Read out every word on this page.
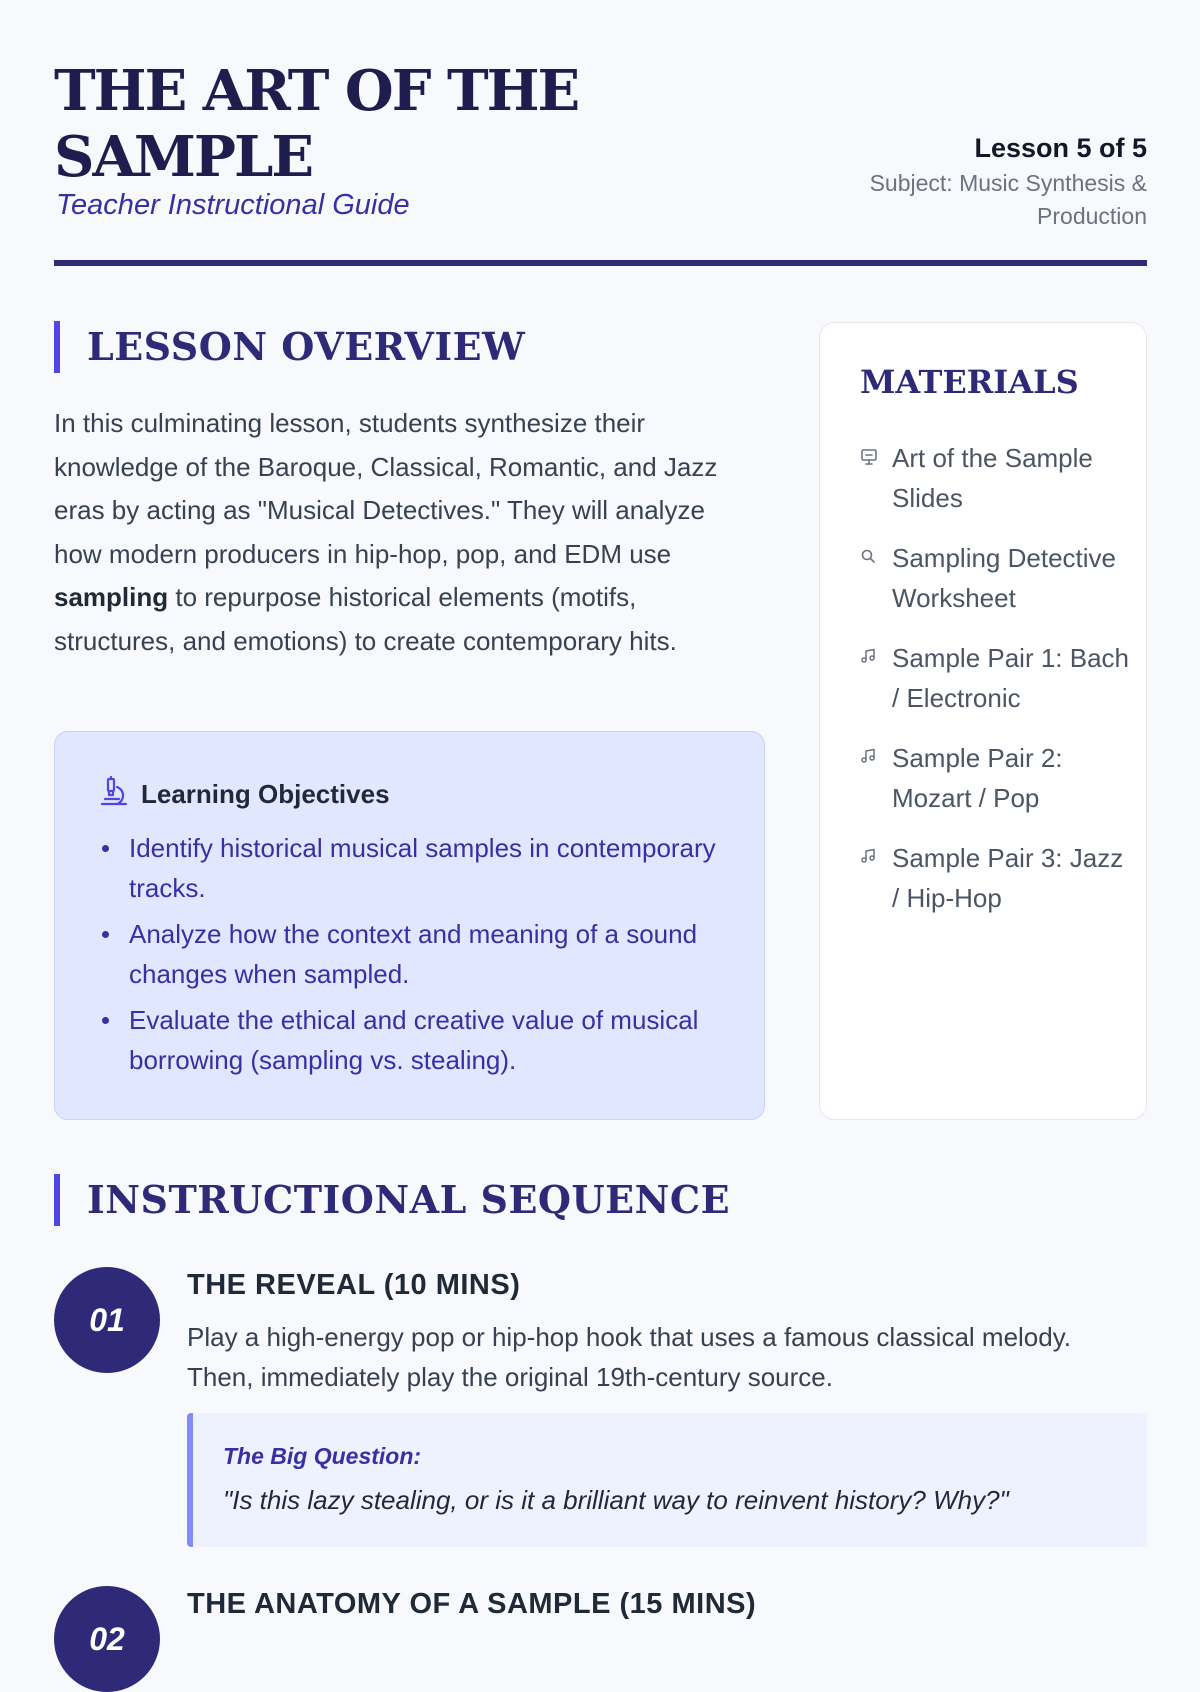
THE ART OF THE SAMPLE
Teacher Instructional Guide
Lesson 5 of 5
Subject: Music Synthesis & Production
LESSON OVERVIEW

In this culminating lesson, students synthesize their knowledge of the Baroque, Classical, Romantic, and Jazz eras by acting as "Musical Detectives." They will analyze how modern producers in hip-hop, pop, and EDM use sampling to repurpose historical elements (motifs, structures, and emotions) to create contemporary hits.

Learning Objectives
Identify historical musical samples in contemporary tracks.
Analyze how the context and meaning of a sound changes when sampled.
Evaluate the ethical and creative value of musical borrowing (sampling vs. stealing).
MATERIALS
Art of the Sample Slides
Sampling Detective Worksheet
Sample Pair 1: Bach / Electronic
Sample Pair 2: Mozart / Pop
Sample Pair 3: Jazz / Hip-Hop
INSTRUCTIONAL SEQUENCE
01
THE REVEAL (10 MINS)
Play a high-energy pop or hip-hop hook that uses a famous classical melody. Then, immediately play the original 19th-century source.
The Big Question:
"Is this lazy stealing, or is it a brilliant way to reinvent history? Why?"
02
THE ANATOMY OF A SAMPLE (15 MINS)
